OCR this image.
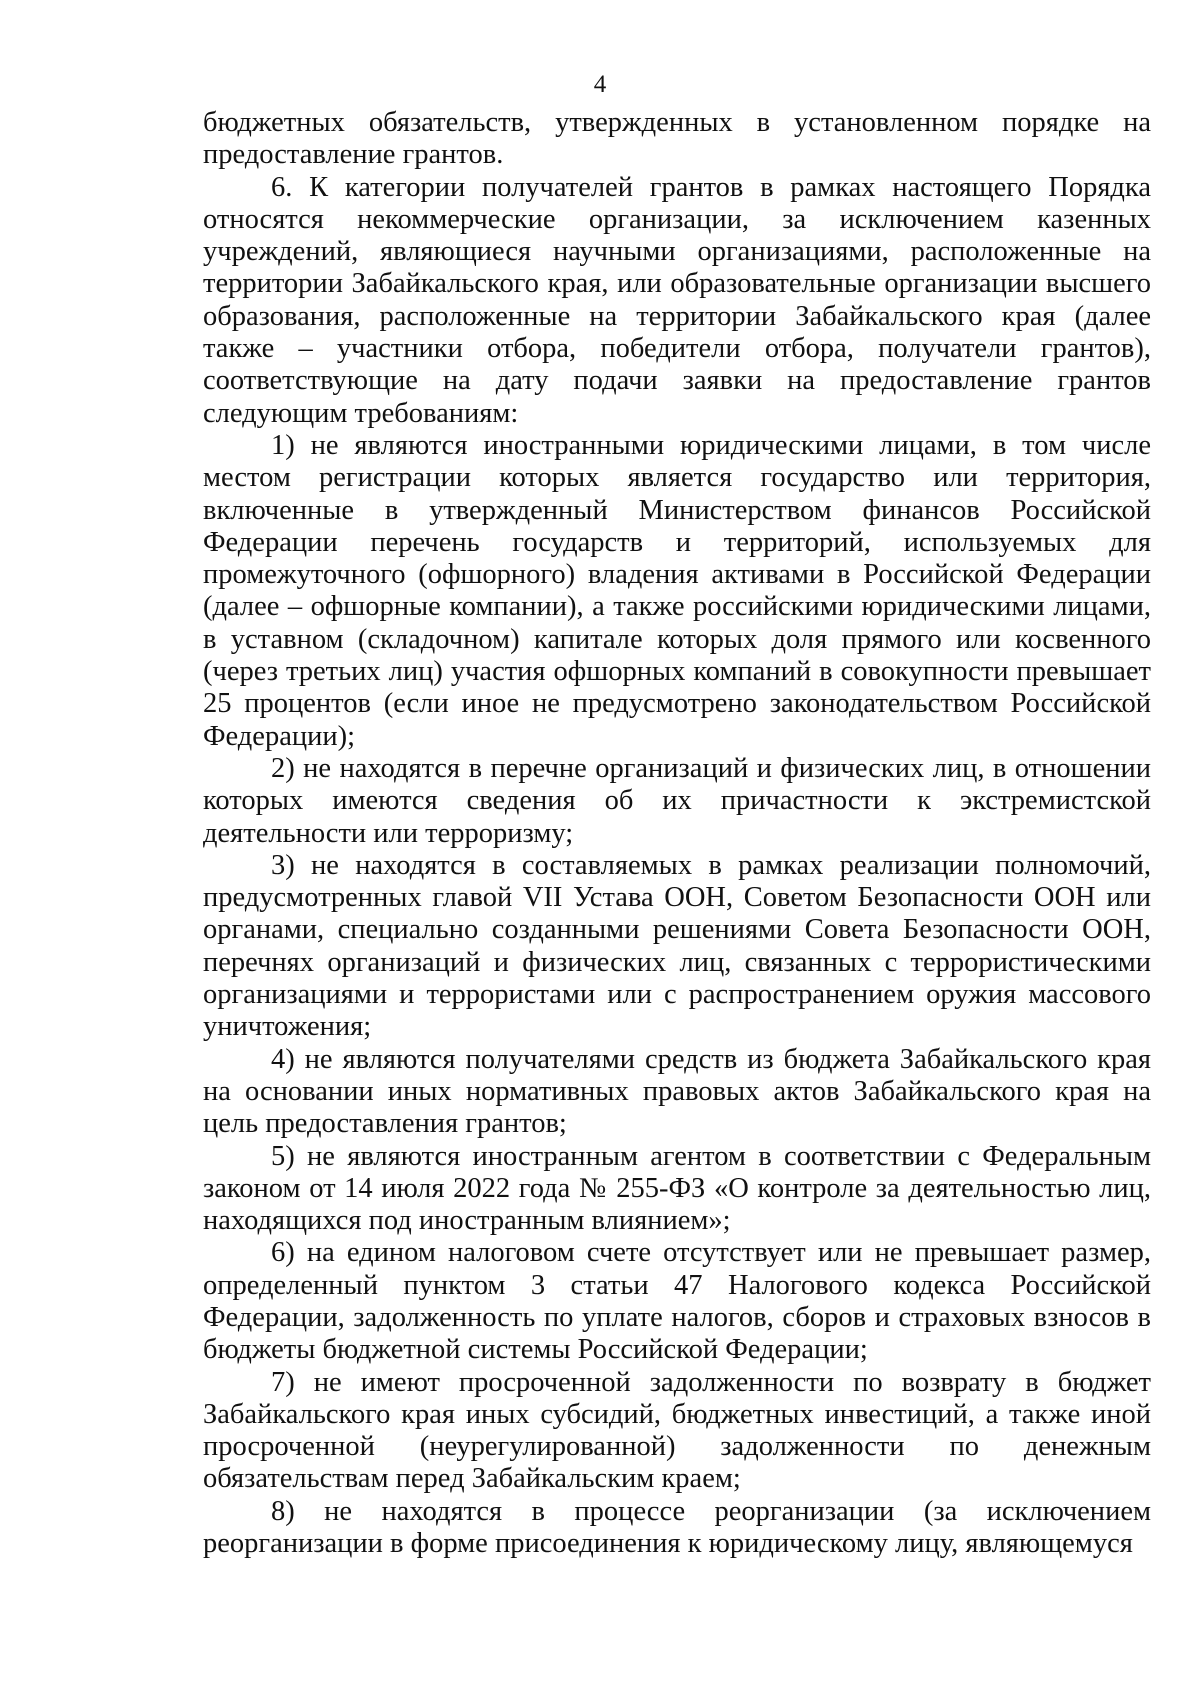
4

бюджетных обязательств, утвержденных в установленном порядке на предоставление грантов.

6. К категории получателей грантов в рамках настоящего Порядка относятся некоммерческие организации, за исключением казенных учреждений, являющиеся научными организациями, расположенные на территории Забайкальского края, или образовательные организации высшего образования, расположенные на территории Забайкальского края (далее также – участники отбора, победители отбора, получатели грантов), соответствующие на дату подачи заявки на предоставление грантов следующим требованиям:

1) не являются иностранными юридическими лицами, в том числе местом регистрации которых является государство или территория, включенные в утвержденный Министерством финансов Российской Федерации перечень государств и территорий, используемых для промежуточного (офшорного) владения активами в Российской Федерации (далее – офшорные компании), а также российскими юридическими лицами, в уставном (складочном) капитале которых доля прямого или косвенного (через третьих лиц) участия офшорных компаний в совокупности превышает 25 процентов (если иное не предусмотрено законодательством Российской Федерации);

2) не находятся в перечне организаций и физических лиц, в отношении которых имеются сведения об их причастности к экстремистской деятельности или терроризму;

3) не находятся в составляемых в рамках реализации полномочий, предусмотренных главой VII Устава ООН, Советом Безопасности ООН или органами, специально созданными решениями Совета Безопасности ООН, перечнях организаций и физических лиц, связанных с террористическими организациями и террористами или с распространением оружия массового уничтожения;

4) не являются получателями средств из бюджета Забайкальского края на основании иных нормативных правовых актов Забайкальского края на цель предоставления грантов;

5) не являются иностранным агентом в соответствии с Федеральным законом от 14 июля 2022 года № 255-ФЗ «О контроле за деятельностью лиц, находящихся под иностранным влиянием»;

6) на едином налоговом счете отсутствует или не превышает размер, определенный пунктом 3 статьи 47 Налогового кодекса Российской Федерации, задолженность по уплате налогов, сборов и страховых взносов в бюджеты бюджетной системы Российской Федерации;

7) не имеют просроченной задолженности по возврату в бюджет Забайкальского края иных субсидий, бюджетных инвестиций, а также иной просроченной (неурегулированной) задолженности по денежным обязательствам перед Забайкальским краем;

8) не находятся в процессе реорганизации (за исключением реорганизации в форме присоединения к юридическому лицу, являющемуся
